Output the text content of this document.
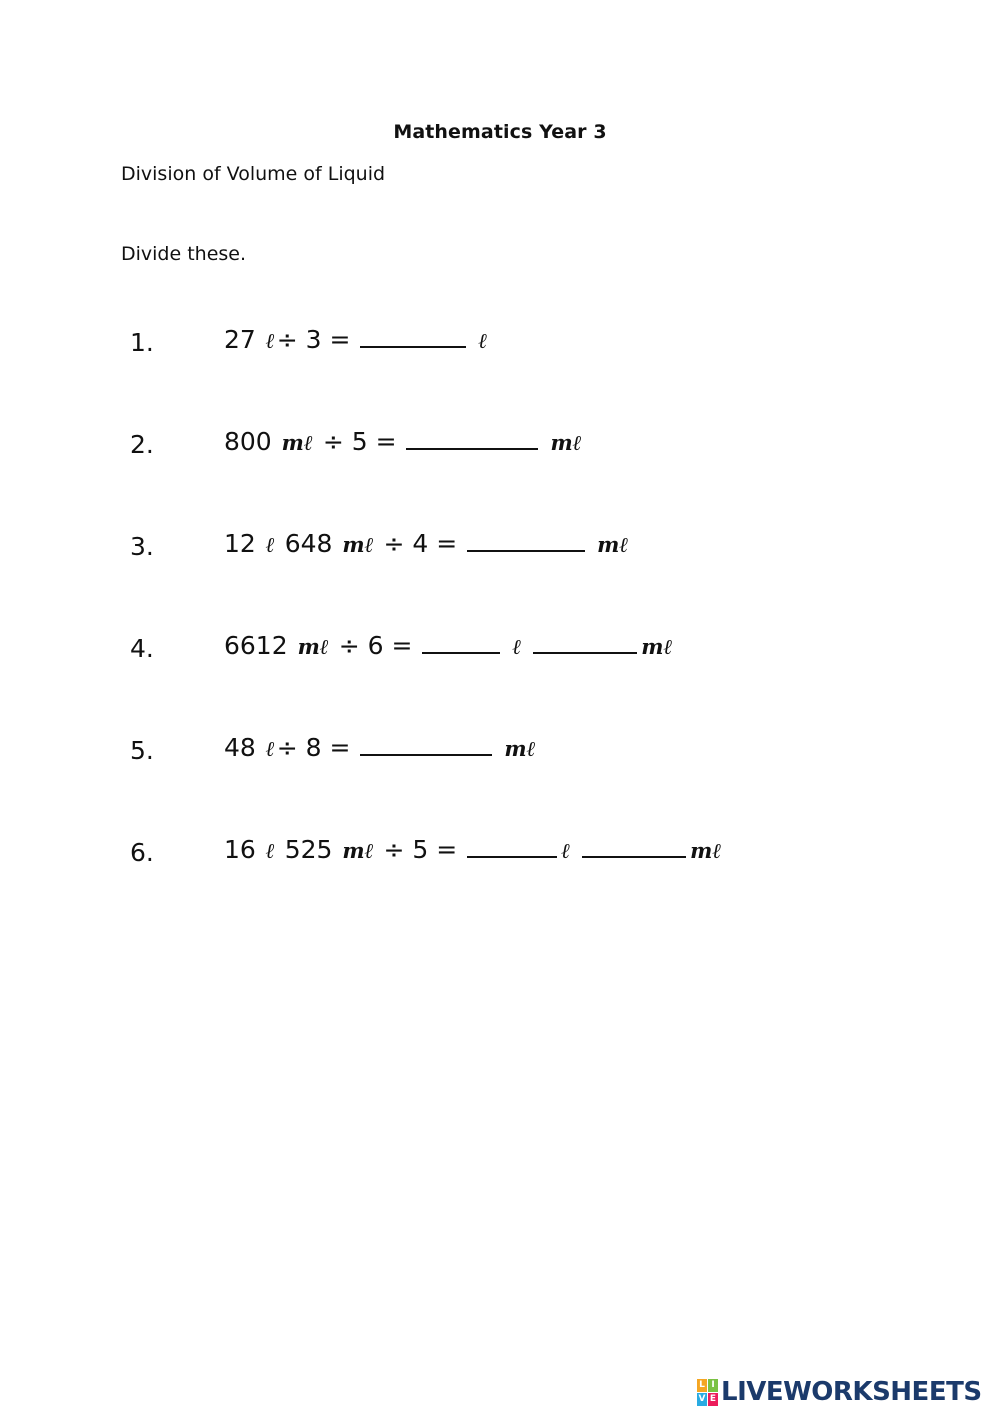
Mathematics Year 3
Division of Volume of Liquid
Divide these.
1.	27 ℓ÷ 3 =	ℓ
2.	800 mℓ ÷ 5 =	mℓ
3.	12 ℓ 648 mℓ ÷ 4 =	mℓ
4.	6612 mℓ ÷ 6 =	ℓ	mℓ
5.	48 ℓ÷ 8 =	mℓ
6.	16 ℓ 525 mℓ ÷ 5 =	ℓ	mℓ
L I
V E LIVEWORKSHEETS
